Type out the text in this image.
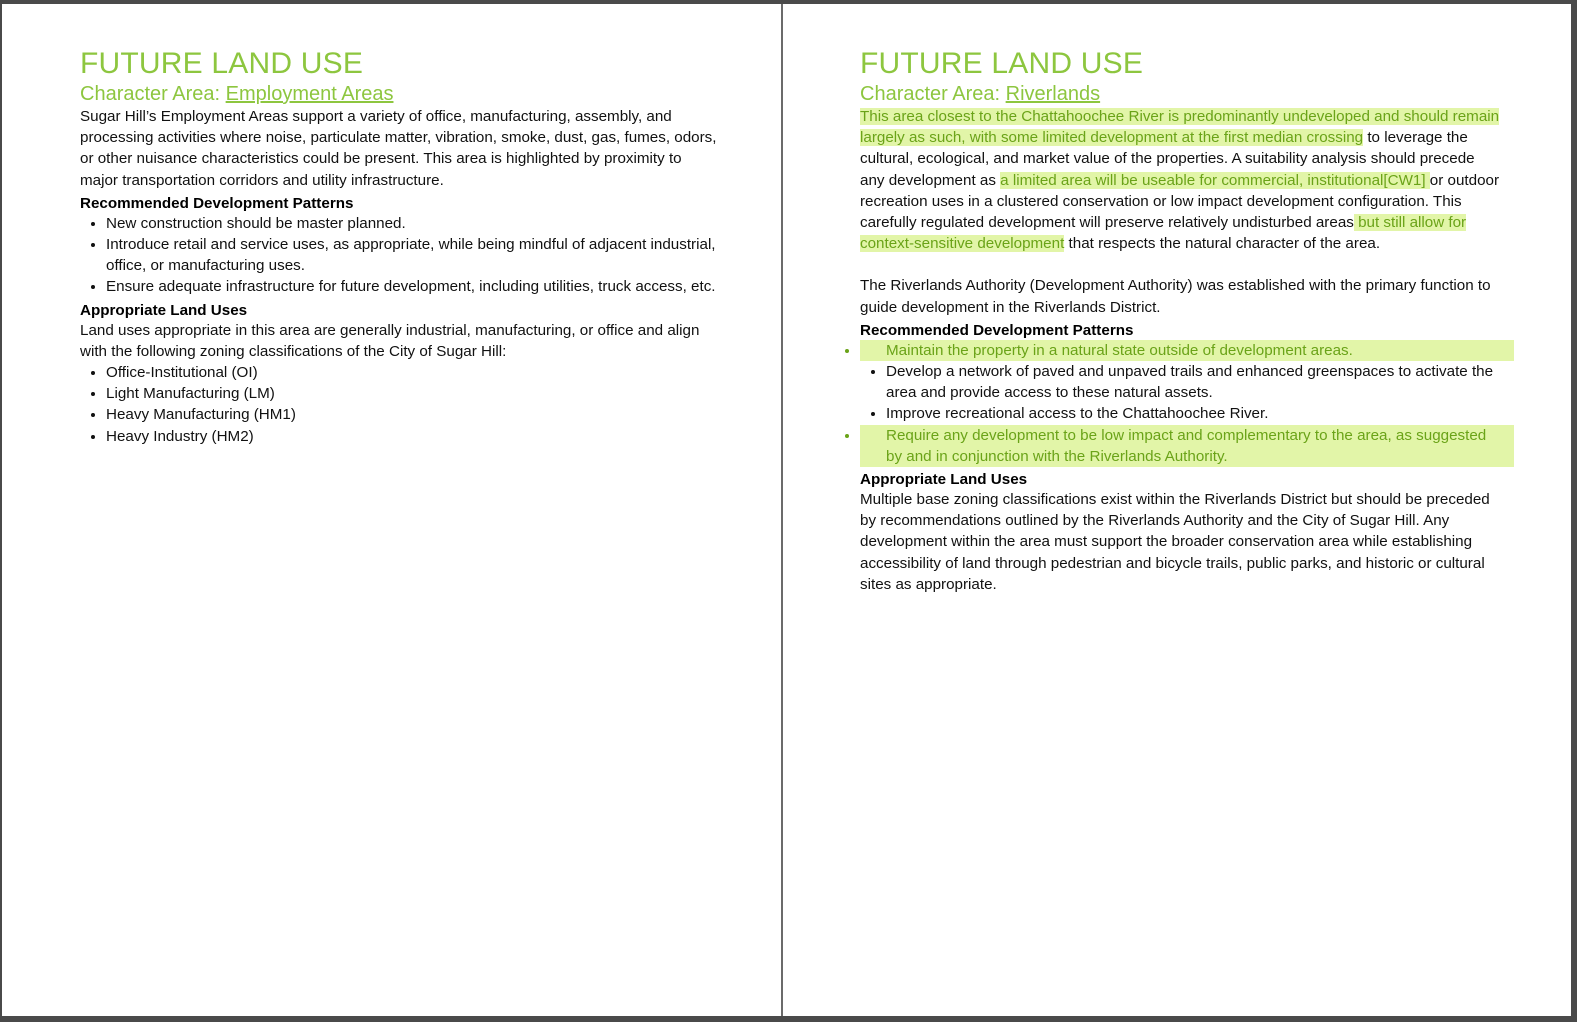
FUTURE LAND USE
Character Area: Employment Areas

Sugar Hill’s Employment Areas support a variety of office, manufacturing, assembly, and processing activities where noise, particulate matter, vibration, smoke, dust, gas, fumes, odors, or other nuisance characteristics could be present. This area is highlighted by proximity to major transportation corridors and utility infrastructure.

Recommended Development Patterns
• New construction should be master planned.
• Introduce retail and service uses, as appropriate, while being mindful of adjacent industrial, office, or manufacturing uses.
• Ensure adequate infrastructure for future development, including utilities, truck access, etc.
Appropriate Land Uses

Land uses appropriate in this area are generally industrial, manufacturing, or office and align with the following zoning classifications of the City of Sugar Hill:

• Office-Institutional (OI)
• Light Manufacturing (LM)
• Heavy Manufacturing (HM1)
• Heavy Industry (HM2)
FUTURE LAND USE
Character Area: Riverlands

This area closest to the Chattahoochee River is predominantly undeveloped and should remain largely as such, with some limited development at the first median crossing to leverage the cultural, ecological, and market value of the properties. A suitability analysis should precede any development as a limited area will be useable for commercial, institutional[CW1] or outdoor recreation uses in a clustered conservation or low impact development configuration. This carefully regulated development will preserve relatively undisturbed areas but still allow for context-sensitive development that respects the natural character of the area.

The Riverlands Authority (Development Authority) was established with the primary function to guide development in the Riverlands District.

Recommended Development Patterns
• Maintain the property in a natural state outside of development areas.
• Develop a network of paved and unpaved trails and enhanced greenspaces to activate the area and provide access to these natural assets.
• Improve recreational access to the Chattahoochee River.
• Require any development to be low impact and complementary to the area, as suggested by and in conjunction with the Riverlands Authority.
Appropriate Land Uses

Multiple base zoning classifications exist within the Riverlands District but should be preceded by recommendations outlined by the Riverlands Authority and the City of Sugar Hill. Any development within the area must support the broader conservation area while establishing accessibility of land through pedestrian and bicycle trails, public parks, and historic or cultural sites as appropriate.
